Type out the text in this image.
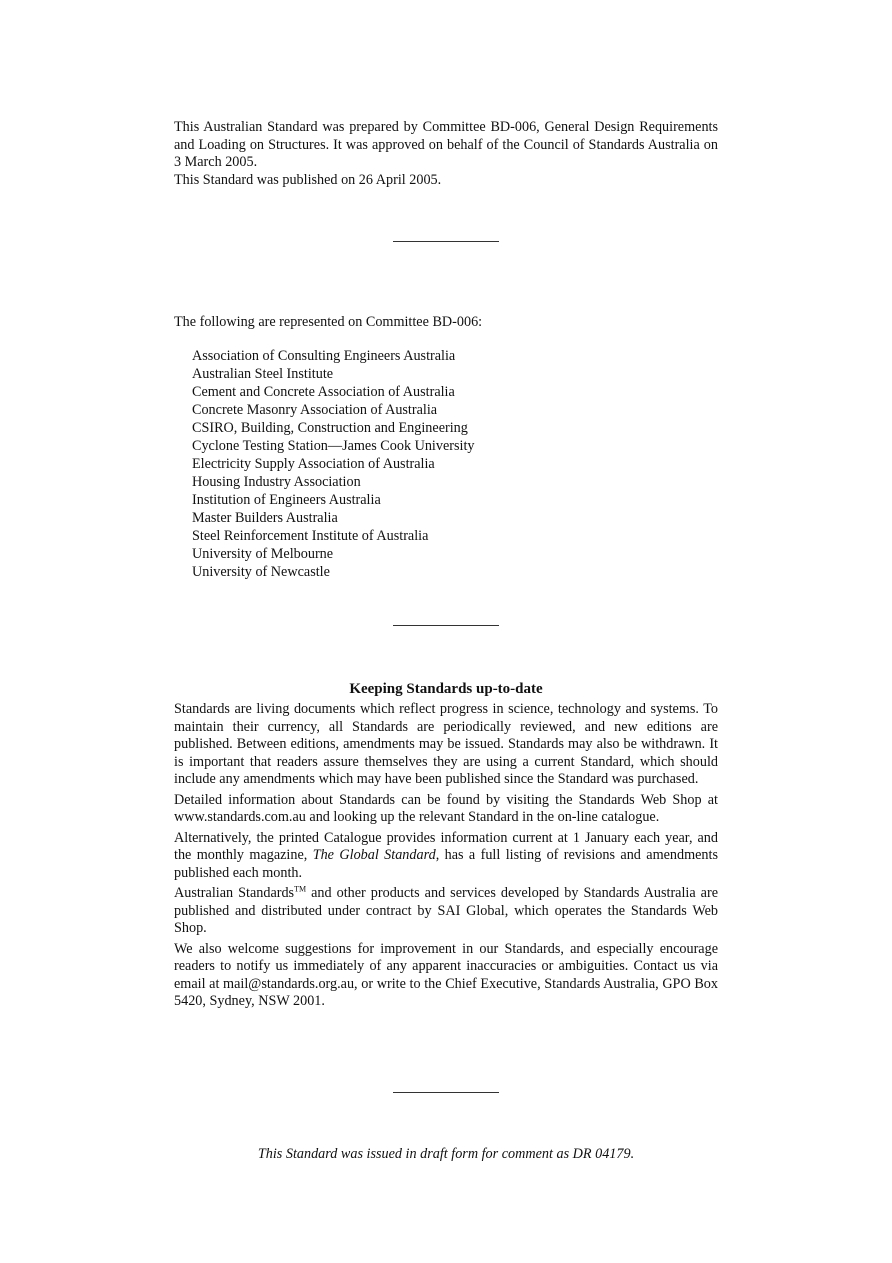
This Australian Standard was prepared by Committee BD-006, General Design Requirements and Loading on Structures. It was approved on behalf of the Council of Standards Australia on 3 March 2005.

This Standard was published on 26 April 2005.

The following are represented on Committee BD-006:
Association of Consulting Engineers Australia
Australian Steel Institute
Cement and Concrete Association of Australia
Concrete Masonry Association of Australia
CSIRO, Building, Construction and Engineering
Cyclone Testing Station—James Cook University
Electricity Supply Association of Australia
Housing Industry Association
Institution of Engineers Australia
Master Builders Australia
Steel Reinforcement Institute of Australia
University of Melbourne
University of Newcastle
Keeping Standards up-to-date

Standards are living documents which reflect progress in science, technology and systems. To maintain their currency, all Standards are periodically reviewed, and new editions are published. Between editions, amendments may be issued. Standards may also be withdrawn. It is important that readers assure themselves they are using a current Standard, which should include any amendments which may have been published since the Standard was purchased.

Detailed information about Standards can be found by visiting the Standards Web Shop at www.standards.com.au and looking up the relevant Standard in the on-line catalogue.

Alternatively, the printed Catalogue provides information current at 1 January each year, and the monthly magazine, The Global Standard, has a full listing of revisions and amendments published each month.

Australian Standards™ and other products and services developed by Standards Australia are published and distributed under contract by SAI Global, which operates the Standards Web Shop.

We also welcome suggestions for improvement in our Standards, and especially encourage readers to notify us immediately of any apparent inaccuracies or ambiguities. Contact us via email at mail@standards.org.au, or write to the Chief Executive, Standards Australia, GPO Box 5420, Sydney, NSW 2001.

This Standard was issued in draft form for comment as DR 04179.
